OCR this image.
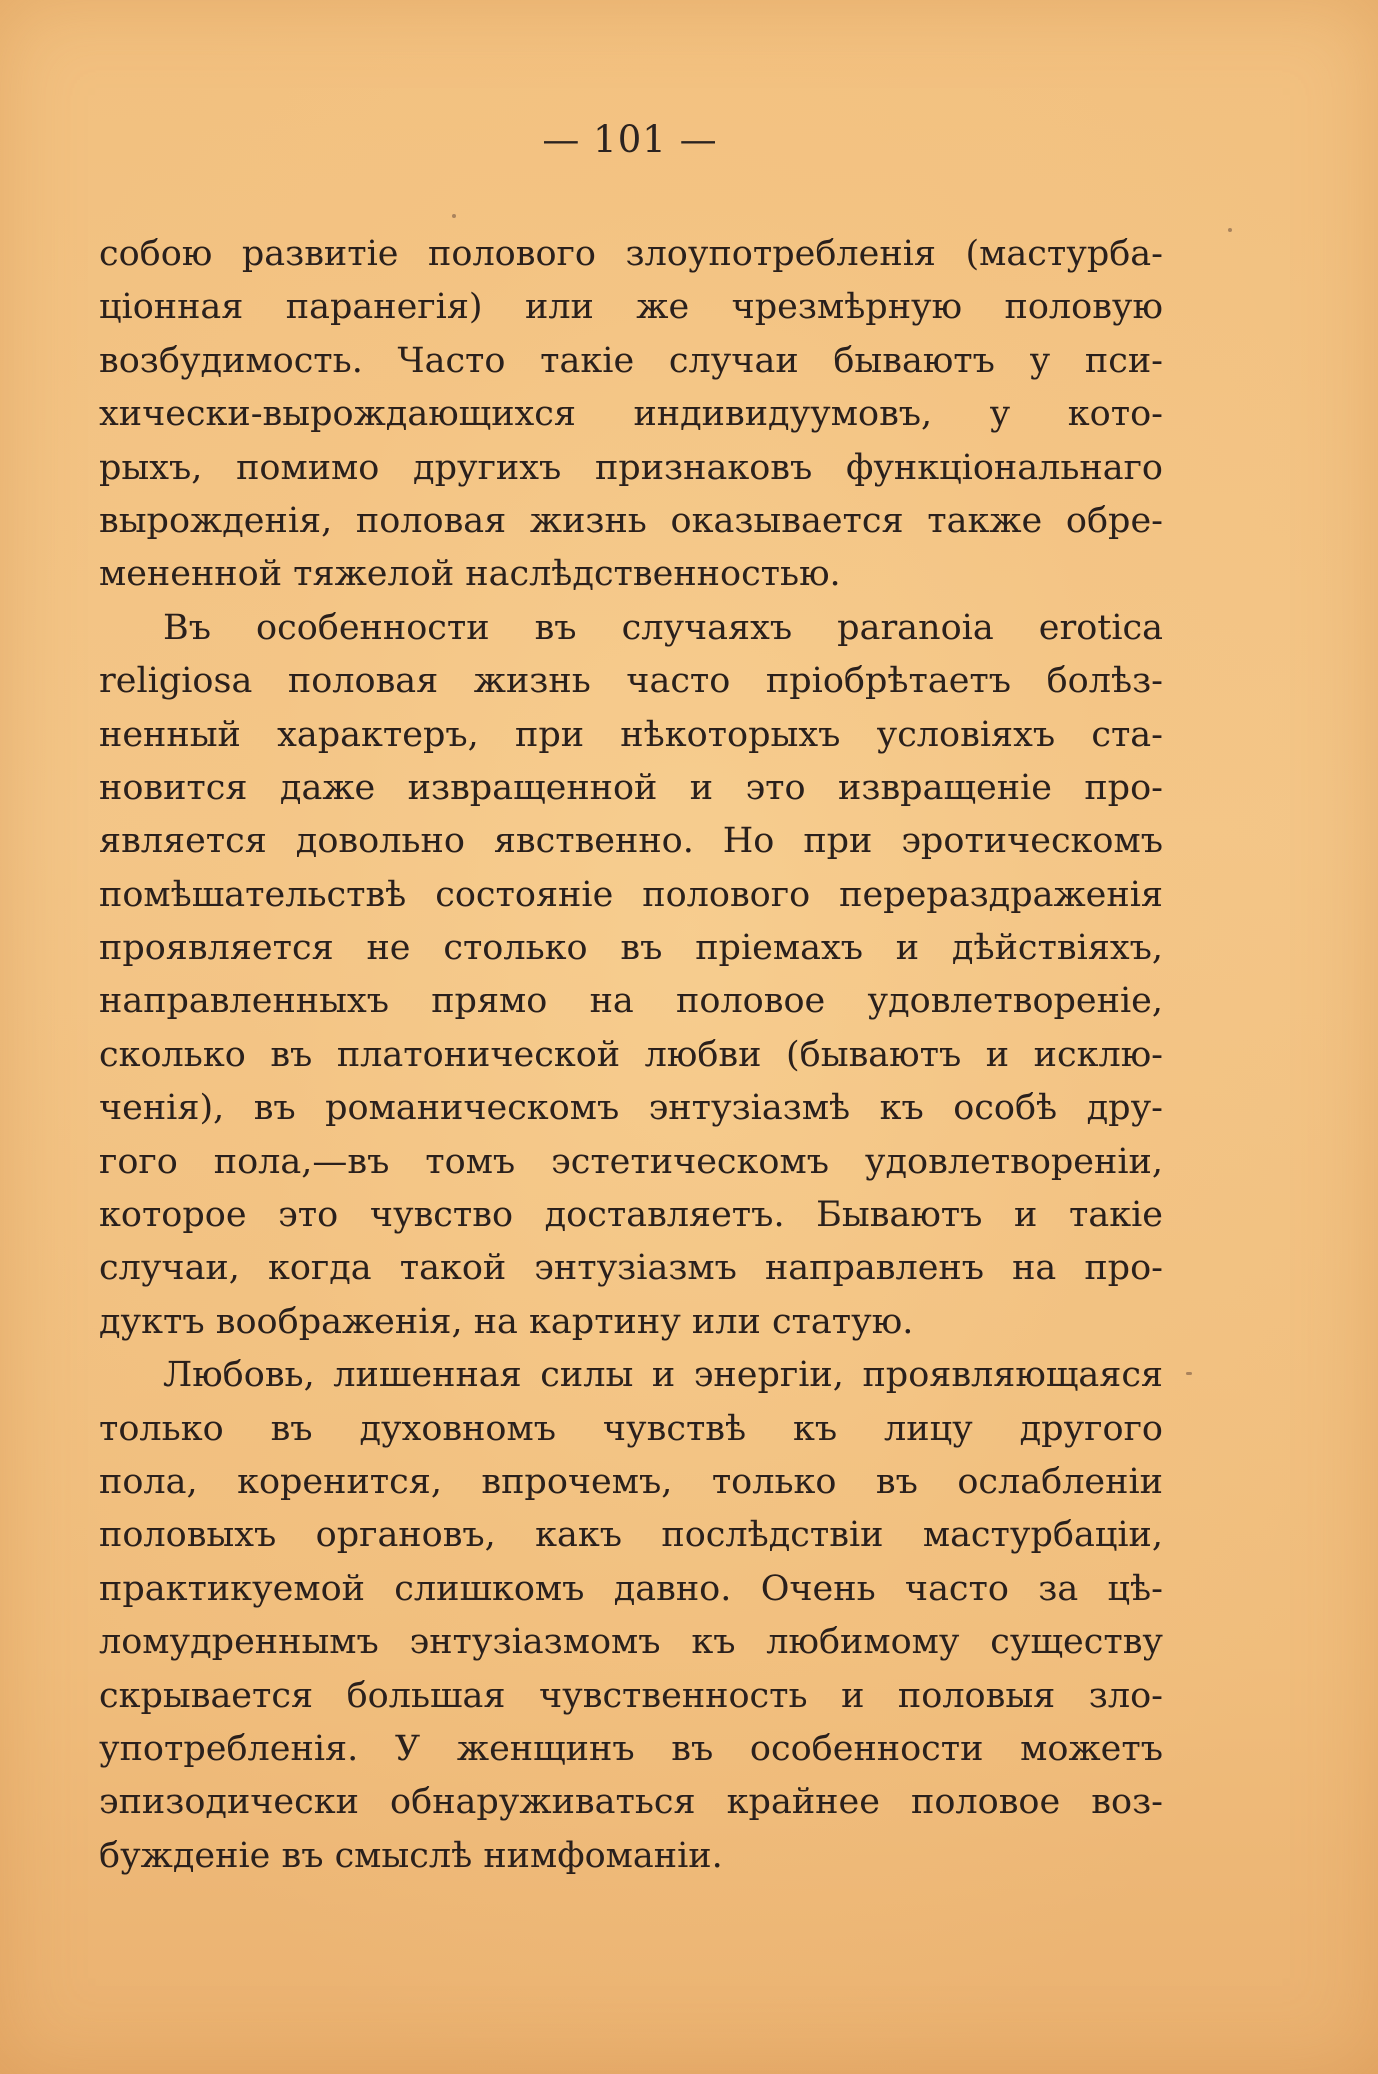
— 101 —
собою развитіе полового злоупотребленія (мастурба-
ціонная паранегія) или же чрезмѣрную половую
возбудимость. Часто такіе случаи бываютъ у пси-
хически-вырождающихся индивидуумовъ, у кото-
рыхъ, помимо другихъ признаковъ функціональнаго
вырожденія, половая жизнь оказывается также обре-
мененной тяжелой наслѣдственностью.
Въ особенности въ случаяхъ paranoia erotica
religiosa половая жизнь часто пріобрѣтаетъ болѣз-
ненный характеръ, при нѣкоторыхъ условіяхъ ста-
новится даже извращенной и это извращеніе про-
является довольно явственно. Но при эротическомъ
помѣшательствѣ состояніе полового перераздраженія
проявляется не столько въ пріемахъ и дѣйствіяхъ,
направленныхъ прямо на половое удовлетвореніе,
сколько въ платонической любви (бываютъ и исклю-
ченія), въ романическомъ энтузіазмѣ къ особѣ дру-
гого пола,—въ томъ эстетическомъ удовлетвореніи,
которое это чувство доставляетъ. Бываютъ и такіе
случаи, когда такой энтузіазмъ направленъ на про-
дуктъ воображенія, на картину или статую.
Любовь, лишенная силы и энергіи, проявляющаяся
только въ духовномъ чувствѣ къ лицу другого
пола, коренится, впрочемъ, только въ ослабленіи
половыхъ органовъ, какъ послѣдствіи мастурбаціи,
практикуемой слишкомъ давно. Очень часто за цѣ-
ломудреннымъ энтузіазмомъ къ любимому существу
скрывается большая чувственность и половыя зло-
употребленія. У женщинъ въ особенности можетъ
эпизодически обнаруживаться крайнее половое воз-
бужденіе въ смыслѣ нимфоманіи.
